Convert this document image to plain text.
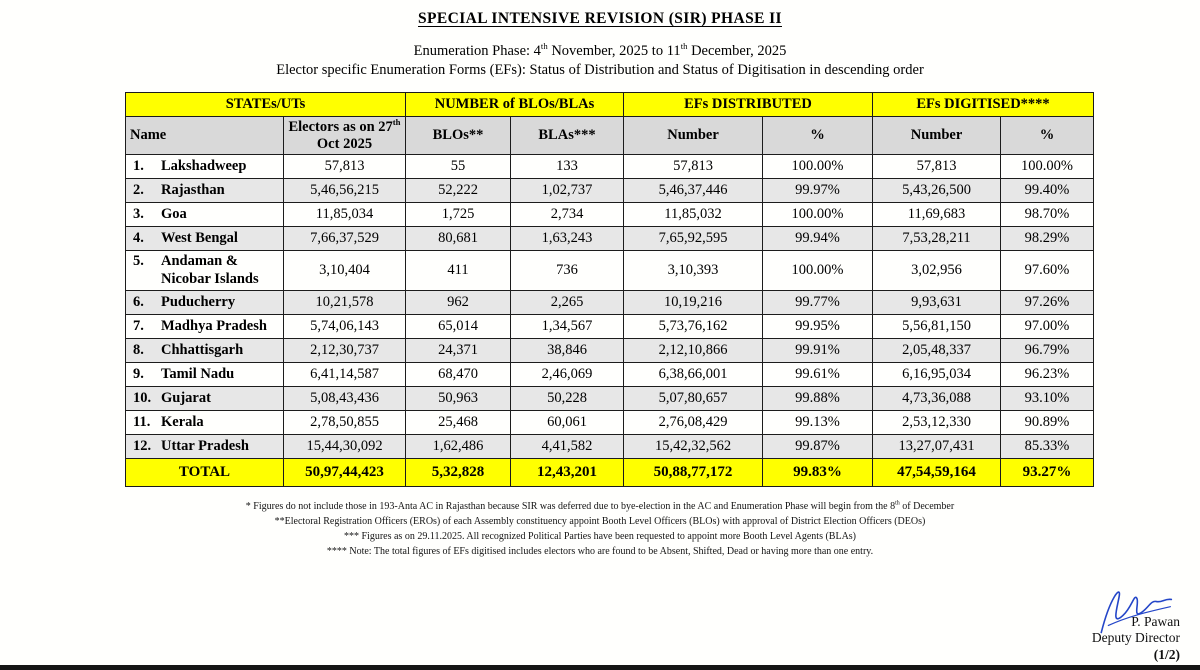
SPECIAL INTENSIVE REVISION (SIR) PHASE II
Enumeration Phase: 4th November, 2025 to 11th December, 2025
Elector specific Enumeration Forms (EFs): Status of Distribution and Status of Digitisation in descending order
STATEs/UTs		NUMBER of BLOs/BLAs		EFs DISTRIBUTED		EFs DIGITISED****	
Name	Electors as on 27th Oct 2025	BLOs**	BLAs***	Number	%	Number	%

1. Lakshadweep	57,813	55	133	57,813	100.00%	57,813	100.00%

2. Rajasthan	5,46,56,215	52,222	1,02,737	5,46,37,446	99.97%	5,43,26,500	99.40%

3. Goa	11,85,034	1,725	2,734	11,85,032	100.00%	11,69,683	98.70%

4. West Bengal	7,66,37,529	80,681	1,63,243	7,65,92,595	99.94%	7,53,28,211	98.29%

5. Andaman & Nicobar Islands	3,10,404	411	736	3,10,393	100.00%	3,02,956	97.60%

6. Puducherry	10,21,578	962	2,265	10,19,216	99.77%	9,93,631	97.26%

7. Madhya Pradesh	5,74,06,143	65,014	1,34,567	5,73,76,162	99.95%	5,56,81,150	97.00%

8. Chhattisgarh	2,12,30,737	24,371	38,846	2,12,10,866	99.91%	2,05,48,337	96.79%

9. Tamil Nadu	6,41,14,587	68,470	2,46,069	6,38,66,001	99.61%	6,16,95,034	96.23%

10. Gujarat	5,08,43,436	50,963	50,228	5,07,80,657	99.88%	4,73,36,088	93.10%

11. Kerala	2,78,50,855	25,468	60,061	2,76,08,429	99.13%	2,53,12,330	90.89%

12. Uttar Pradesh	15,44,30,092	1,62,486	4,41,582	15,42,32,562	99.87%	13,27,07,431	85.33%
TOTAL	50,97,44,423	5,32,828	12,43,201	50,88,77,172	99.83%	47,54,59,164	93.27%
* Figures do not include those in 193-Anta AC in Rajasthan because SIR was deferred due to bye-election in the AC and Enumeration Phase will begin from the 8th of December
**Electoral Registration Officers (EROs) of each Assembly constituency appoint Booth Level Officers (BLOs) with approval of District Election Officers (DEOs)
*** Figures as on 29.11.2025. All recognized Political Parties have been requested to appoint more Booth Level Agents (BLAs)
**** Note: The total figures of EFs digitised includes electors who are found to be Absent, Shifted, Dead or having more than one entry.
P. Pawan
Deputy Director
(1/2)
